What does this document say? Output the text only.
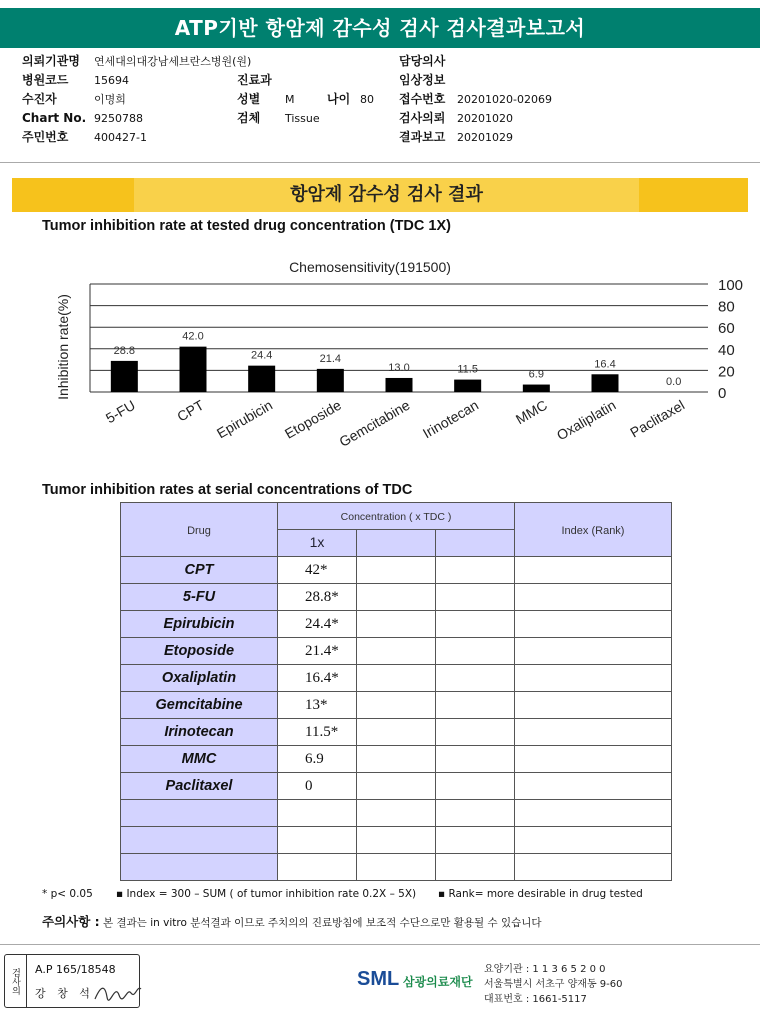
ATP기반 항암제 감수성 검사 검사결과보고서
의뢰기관명 연세대의대강남세브란스병원(원)
병원코드 15694
수진자	이명희
Chart No. 9250788
주민번호 400427-1
진료과
성별 M	나이 80
검체 Tissue
담당의사
임상정보
접수번호 20201020-02069
검사의뢰 20201020
결과보고 20201029
항암제 감수성 검사 결과
Tumor inhibition rate at tested drug concentration (TDC 1X)
Chemosensitivity(191500)
Inhibition rate(%)	28.8
42.0
24.4	21.4
13.0	11.5	6.9
16.4
0.0
5-FU	CPT Epirubicin Etoposide
Gemcitabine Irinotecan MMC Oxaliplatin Paclitaxel
100
80
60
40
20
0
Tumor inhibition rates at serial concentrations of TDC
Drug	Concentration ( x TDC )			Index (Rank)
	1x			
CPT	42*			
5-FU	28.8*			
Epirubicin	24.4*			
Etoposide	21.4*			
Oxaliplatin	16.4*			
Gemcitabine	13*			
Irinotecan	11.5*			
MMC	6.9			
Paclitaxel	0			

* p< 0.05 ▪ Index = 300 – SUM ( of tumor inhibition rate 0.2X – 5X) ▪ Rank= more desirable in drug tested
주의사항 : 본 결과는 in vitro 분석결과 이므로 주치의의 진료방침에 보조적 수단으로만 활용될 수 있습니다
검사의	A.P 165/18548
강 창 석
SML 삼광의료재단
요양기관 : 1 1 3 6 5 2 0 0
서울특별시 서초구 양재동 9-60
대표번호 : 1661-5117
